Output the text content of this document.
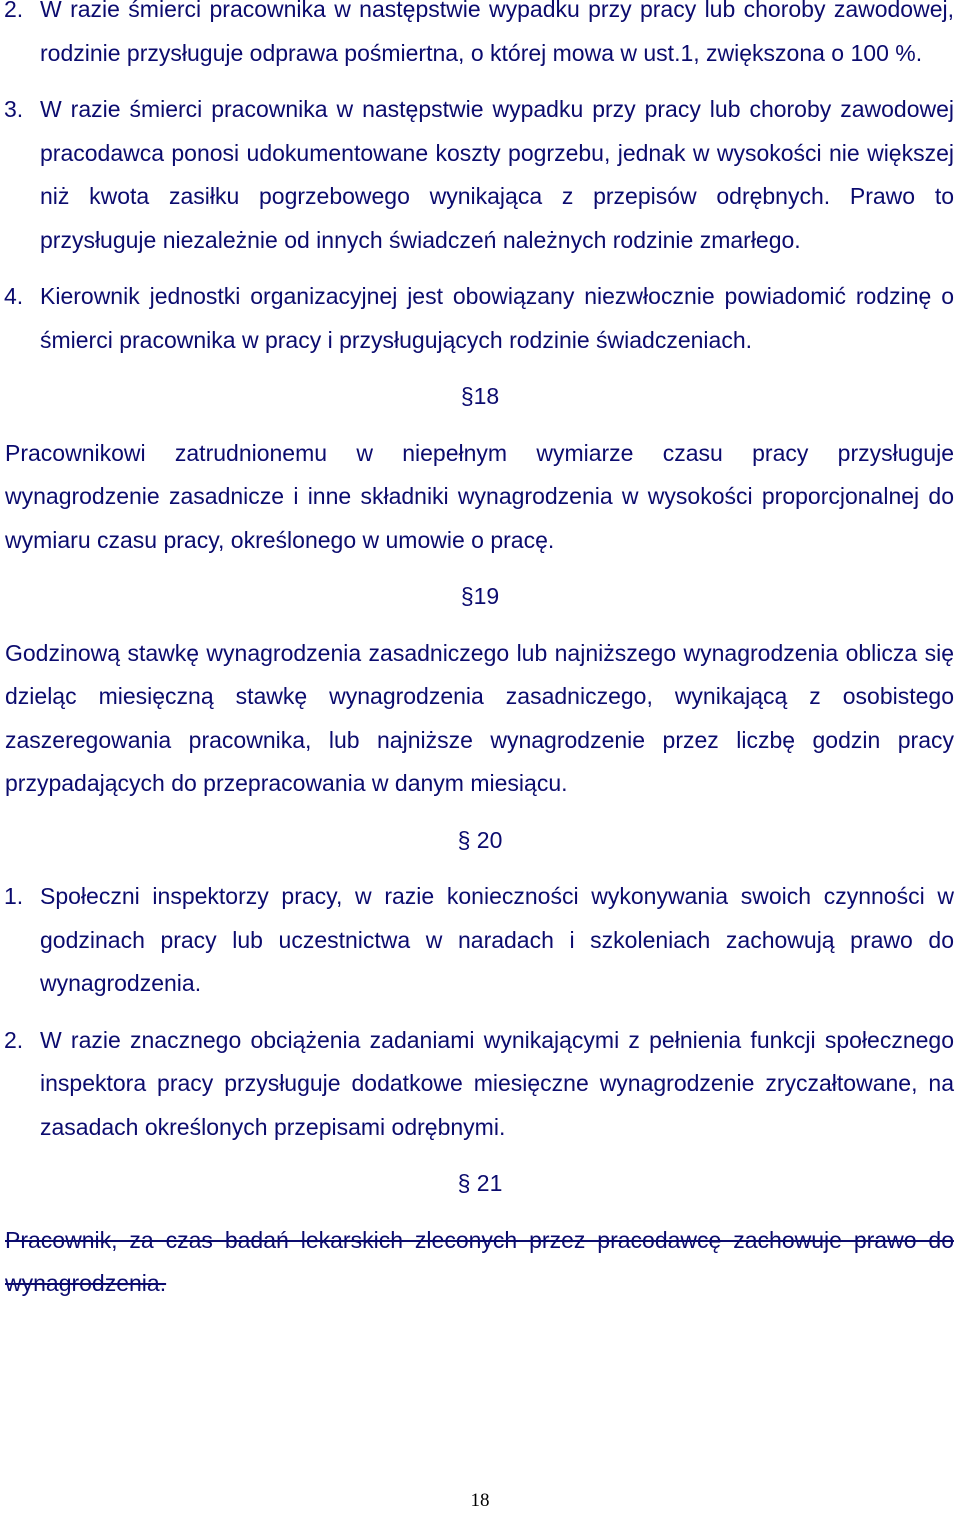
2. W razie śmierci pracownika w następstwie wypadku przy pracy lub choroby zawodowej, rodzinie przysługuje odprawa pośmiertna, o której mowa w ust.1, zwiększona o 100 %.

3. W razie śmierci pracownika w następstwie wypadku przy pracy lub choroby zawodowej pracodawca ponosi udokumentowane koszty pogrzebu, jednak w wysokości nie większej niż kwota zasiłku pogrzebowego wynikająca z przepisów odrębnych. Prawo to przysługuje niezależnie od innych świadczeń należnych rodzinie zmarłego.

4. Kierownik jednostki organizacyjnej jest obowiązany niezwłocznie powiadomić rodzinę o śmierci pracownika w pracy i przysługujących rodzinie świadczeniach.

§18

Pracownikowi zatrudnionemu w niepełnym wymiarze czasu pracy przysługuje wynagrodzenie zasadnicze i inne składniki wynagrodzenia w wysokości proporcjonalnej do wymiaru czasu pracy, określonego w umowie o pracę.

§19

Godzinową stawkę wynagrodzenia zasadniczego lub najniższego wynagrodzenia oblicza się dzieląc miesięczną stawkę wynagrodzenia zasadniczego, wynikającą z osobistego zaszeregowania pracownika, lub najniższe wynagrodzenie przez liczbę godzin pracy przypadających do przepracowania w danym miesiącu.

§ 20

1. Społeczni inspektorzy pracy, w razie konieczności wykonywania swoich czynności w godzinach pracy lub uczestnictwa w naradach i szkoleniach zachowują prawo do wynagrodzenia.

2. W razie znacznego obciążenia zadaniami wynikającymi z pełnienia funkcji społecznego inspektora pracy przysługuje dodatkowe miesięczne wynagrodzenie zryczałtowane, na zasadach określonych przepisami odrębnymi.

§ 21

Pracownik, za czas badań lekarskich zleconych przez pracodawcę zachowuje prawo do wynagrodzenia.

18
